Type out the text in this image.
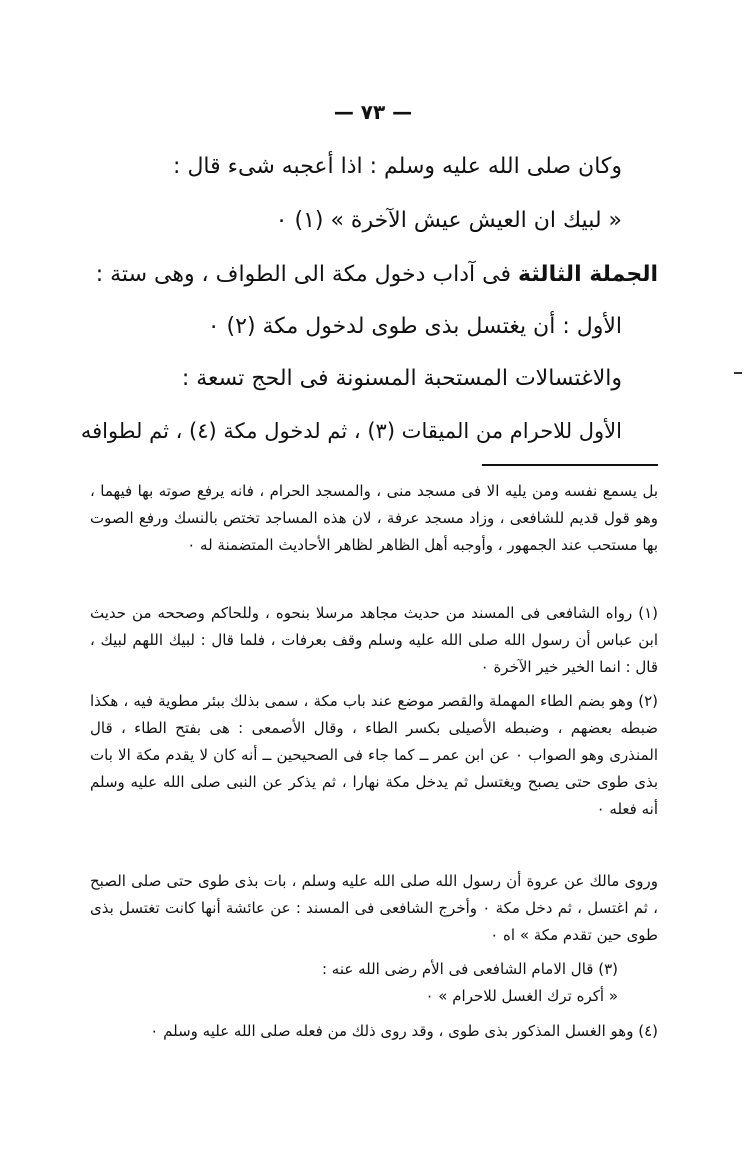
— ٧٣ —
وكان صلى الله عليه وسلم : اذا أعجبه شىء قال :
« لبيك ان العيش عيش الآخرة » (١) ٠
الجملة الثالثة ﻓﻰ آداب دخول مكة الى الطواف ، وهى ستة :
الأول : أن يغتسل بذى طوى لدخول مكة (٢) ٠
والاغتسالات المستحبة المسنونة فى الحج تسعة :
الأول للاحرام من الميقات (٣) ، ثم لدخول مكة (٤) ، ثم لطوافه
بل يسمع نفسه ومن يليه الا فى مسجد منى ، والمسجد الحرام ، فانه يرفع صوته بها فيهما ، وهو قول قديم للشافعى ، وزاد مسجد عرفة ، لان هذه المساجد تختص بالنسك ورفع الصوت بها مستحب عند الجمهور ، وأوجبه أهل الظاهر لظاهر الأحاديث المتضمنة له ٠
(١) رواه الشافعى فى المسند من حديث مجاهد مرسلا بنحوه ، وللحاكم وصححه من حديث ابن عباس أن رسول الله صلى الله عليه وسلم وقف بعرفات ، فلما قال : لبيك اللهم لبيك ، قال : انما الخير خير الآخرة ٠
(٢) وهو بضم الطاء المهملة والقصر موضع عند باب مكة ، سمى بذلك ببئر مطوية فيه ، هكذا ضبطه بعضهم ، وضبطه الأصيلى بكسر الطاء ، وقال الأصمعى : هى بفتح الطاء ، قال المنذرى وهو الصواب ٠ عن ابن عمر ــ كما جاء فى الصحيحين ــ أنه كان لا يقدم مكة الا بات بذى طوى حتى يصبح ويغتسل ثم يدخل مكة نهارا ، ثم يذكر عن النبى صلى الله عليه وسلم أنه فعله ٠
وروى مالك عن عروة أن رسول الله صلى الله عليه وسلم ، بات بذى طوى حتى صلى الصبح ، ثم اغتسل ، ثم دخل مكة ٠ وأخرج الشافعى فى المسند : عن عائشة أنها كانت تغتسل بذى طوى حين تقدم مكة » اه ٠
(٣) قال الامام الشافعى فى الأم رضى الله عنه :
« أكره ترك الغسل للاحرام » ٠
(٤) وهو الغسل المذكور بذى طوى ، وقد روى ذلك من فعله صلى الله عليه وسلم ٠
